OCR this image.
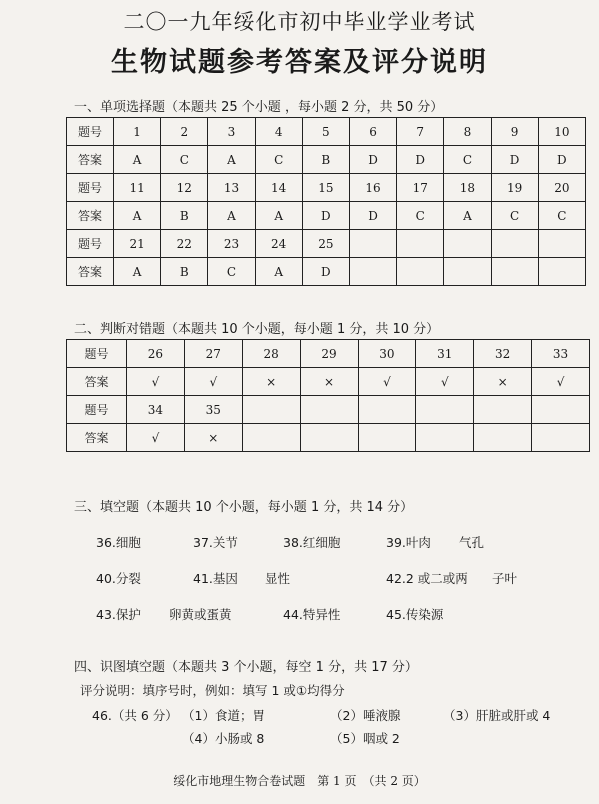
二〇一九年绥化市初中毕业学业考试
生物试题参考答案及评分说明
一、单项选择题（本题共 25 个小题 ，每小题 2 分，共 50 分）
题号	1	2	3	4	5	6	7	8	9	10
答案	A	C	A	C	B	D	D	C	D	D
题号	11	12	13	14	15	16	17	18	19	20
答案	A	B	A	A	D	D	C	A	C	C
题号	21	22	23	24	25					
答案	A	B	C	A	D					
二、判断对错题（本题共 10 个小题，每小题 1 分，共 10 分）
题号	26	27	28	29	30	31	32	33
答案	√	√	×	×	√	√	×	√
题号	34	35						
答案	√	×						
三、填空题（本题共 10 个小题，每小题 1 分，共 14 分）
36.细胞	37.关节	38.红细胞	39.叶肉 气孔
40.分裂	41.基因 显性	42.2 或二或两 子叶
43.保护 卵黄或蛋黄	44.特异性	45.传染源
四、识图填空题（本题共 3 个小题，每空 1 分，共 17 分）
评分说明：填序号时，例如：填写 1 或①均得分
46.（共 6 分） （1）食道；胃	（2）唾液腺	（3）肝脏或肝或 4
（4）小肠或 8	（5）咽或 2
绥化市地理生物合卷试题　第 1 页　（共 2 页）
